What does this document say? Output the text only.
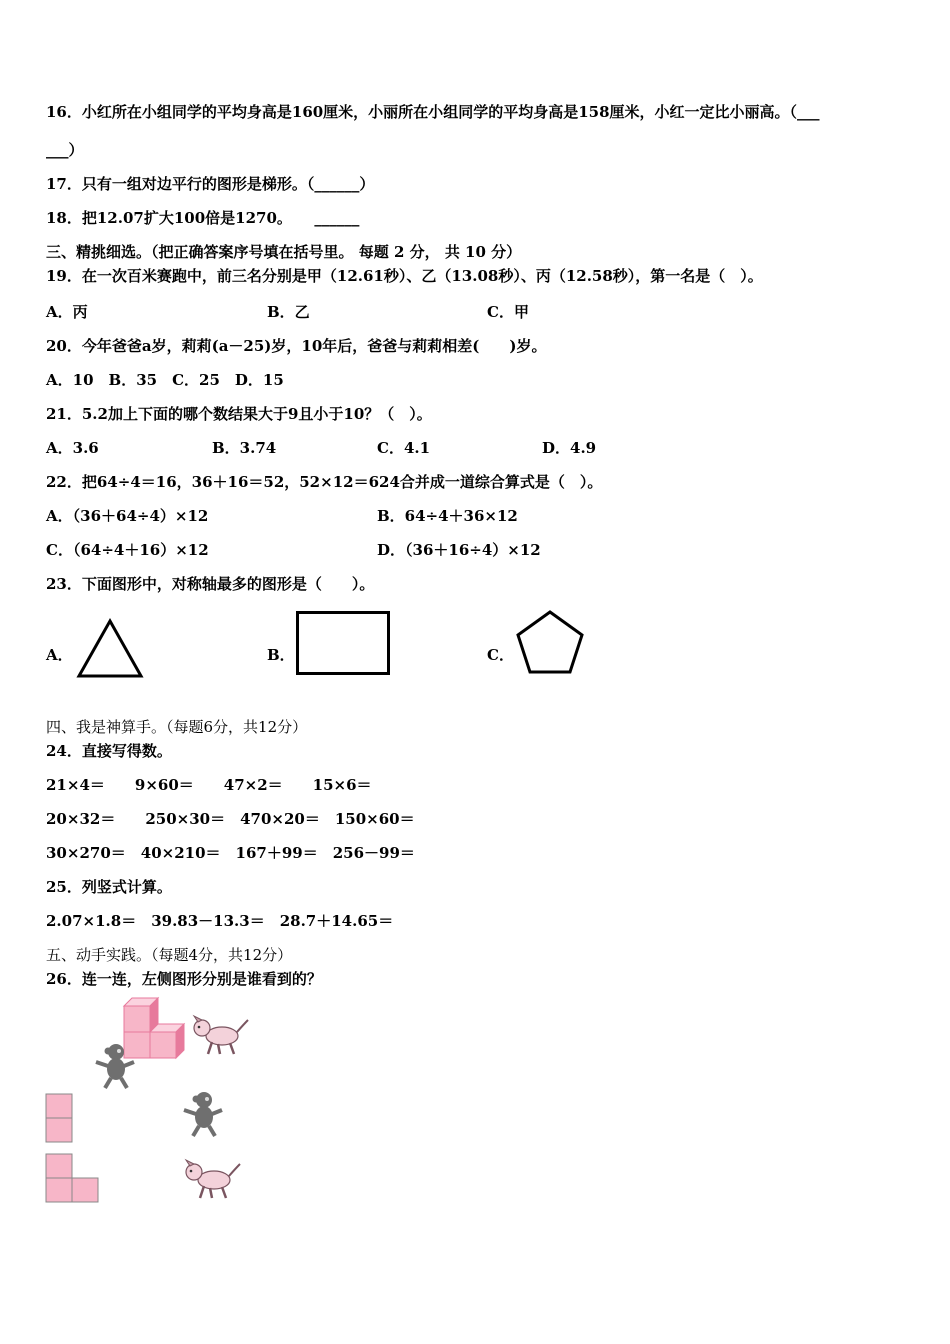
16．小红所在小组同学的平均身高是160厘米，小丽所在小组同学的平均身高是158厘米，小红一定比小丽高。（___
___）
17．只有一组对边平行的图形是梯形。（______）
18．把12.07扩大100倍是1270。　　______
三、精挑细选。（把正确答案序号填在括号里。 每题 2 分， 共 10 分）
19．在一次百米赛跑中，前三名分别是甲（12.61秒）、乙（13.08秒）、丙（12.58秒），第一名是（　）。
A．丙	B．乙	C．甲
20．今年爸爸a岁，莉莉(a－25)岁，10年后，爸爸与莉莉相差(　　)岁。
A．10　B．35　C．25　D．15
21．5.2加上下面的哪个数结果大于9且小于10？（　）。
A．3.6	B．3.74	C．4.1	D．4.9
22．把64÷4＝16，36＋16＝52，52×12＝624合并成一道综合算式是（　）。
A．（36＋64÷4）×12	B．64÷4＋36×12
C．（64÷4＋16）×12	D．（36＋16÷4）×12
23．下面图形中，对称轴最多的图形是（　　）。
A．	B．	C．
四、我是神算手。（每题6分，共12分）
24．直接写得数。
21×4＝　　9×60＝　　47×2＝　　15×6＝
20×32＝　　250×30＝　470×20＝　150×60＝
30×270＝　40×210＝　167＋99＝　256－99＝
25．列竖式计算。
2.07×1.8＝　39.83－13.3＝　28.7＋14.65＝
五、动手实践。（每题4分，共12分）
26．连一连，左侧图形分别是谁看到的？
